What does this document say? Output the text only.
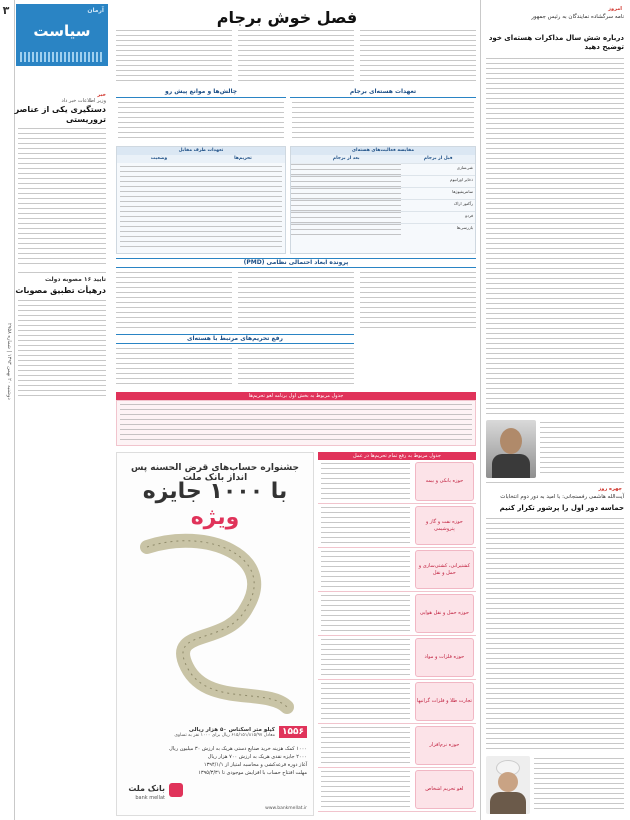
۳
دوشنبه ۲۰ بهمن ۱۳۹۳ | شماره ۲۹۵۸
آرمان
سیاست
خبر
وزیر اطلاعات خبر داد
دستگیری یکی از عناصر تروریستی
تایید ۱۶ مصوبه دولت
درهیأت تطبیق مصوبات
فصل خوش برجام
تعهدات هسته‌ای برجام
چالش‌ها و موانع پیش رو
مقایسه فعالیت‌های هسته‌ای
قبل از برجام
بعد از برجام
غنی‌سازی
ذخایر اورانیوم
سانتریفیوژها
رآکتور اراک
فردو
بازرسی‌ها
تعهدات طرف مقابل
تحریم‌ها
وضعیت
پرونده ابعاد احتمالی نظامی (PMD)
رفع تحریم‌های مرتبط با هسته‌ای
جدول مربوط به بخش اول برنامه لغو تحریم‌ها
امروز
نامه سرگشاده نمایندگان به رئیس جمهور
درباره شش سال مذاکرات هسته‌ای خود توضیح دهید
چهره روز
آیت‌الله هاشمی رفسنجانی: با امید به دور دوم انتخابات
حماسه دور اول را پرشور تکرار کنیم
جدول مربوط به رفع تمام تحریم‌ها در عمل
حوزه بانکی و بیمه
حوزه نفت و گاز و پتروشیمی
کشتیرانی، کشتی‌سازی و حمل و نقل
حوزه حمل و نقل هوایی
حوزه فلزات و مواد
تجارت طلا و فلزات گرانبها
حوزه نرم‌افزار
لغو تحریم اشخاص
جشنواره حساب‌های قرض الحسنه پس انداز بانک ملت
با ۱۰۰۰ جایزه ویژه
۱۵۵۶
کیلو متر اسکناس ۵۰ هزار ریالی
معادل ۶۱۵/۱۵۱/۸۱۵/۹۷ ریال برای ۱۰۰۰ نفر به تساوی
۱۰۰۰ کمک هزینه خرید صنایع دستی هریک به ارزش ۳۰ میلیون ریال
۲۰۰۰ جایزه نقدی هریک به ارزش ۷۰۰ هزار ریال
آغاز دوره قرعه‌کشی و محاسبه امتیاز از ۱۳۹۴/۱/۱
مهلت افتتاح حساب با افزایش موجودی تا ۱۳۹۵/۳/۳۱
بانک ملت
bank mellat
www.bankmellat.ir
